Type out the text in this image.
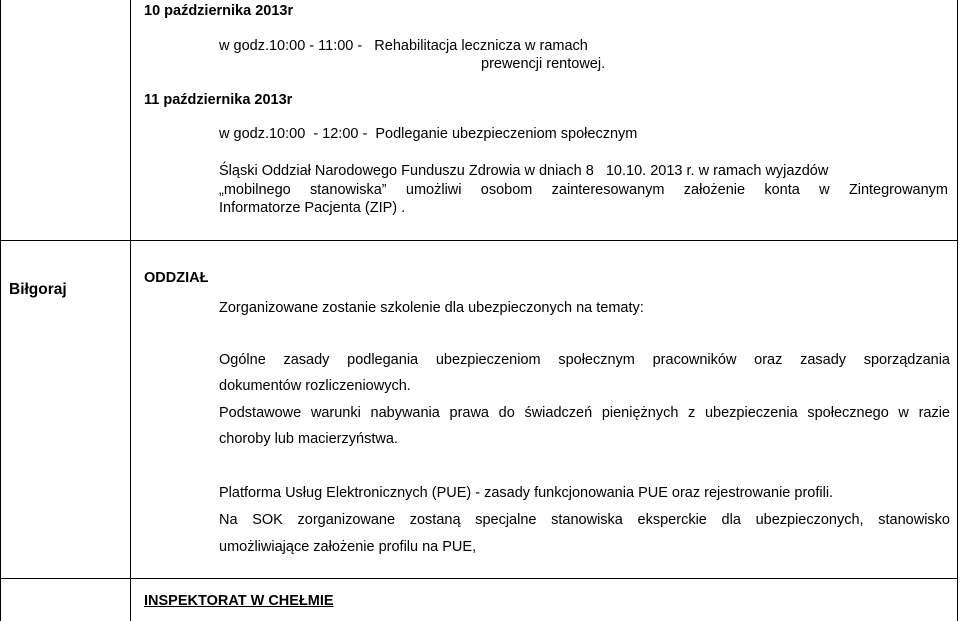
10 października 2013r
w godz.10:00 - 11:00 -   Rehabilitacja lecznicza w ramach
prewencji rentowej.
11 października 2013r
w godz.10:00  - 12:00 -  Podleganie ubezpieczeniom społecznym
Śląski Oddział Narodowego Funduszu Zdrowia w dniach 8   10.10. 2013 r. w ramach wyjazdów
„mobilnego stanowiska” umożliwi osobom zainteresowanym założenie konta w Zintegrowanym
Informatorze Pacjenta (ZIP) .
Biłgoraj
ODDZIAŁ
Zorganizowane zostanie szkolenie dla ubezpieczonych na tematy:
Ogólne zasady podlegania ubezpieczeniom społecznym pracowników oraz zasady sporządzania
dokumentów rozliczeniowych.
Podstawowe warunki nabywania prawa do świadczeń pieniężnych z ubezpieczenia społecznego w razie
choroby lub macierzyństwa.
Platforma Usług Elektronicznych (PUE) - zasady funkcjonowania PUE oraz rejestrowanie profili.
Na SOK zorganizowane zostaną specjalne stanowiska eksperckie dla ubezpieczonych, stanowisko
umożliwiające założenie profilu na PUE,
INSPEKTORAT W CHEŁMIE
